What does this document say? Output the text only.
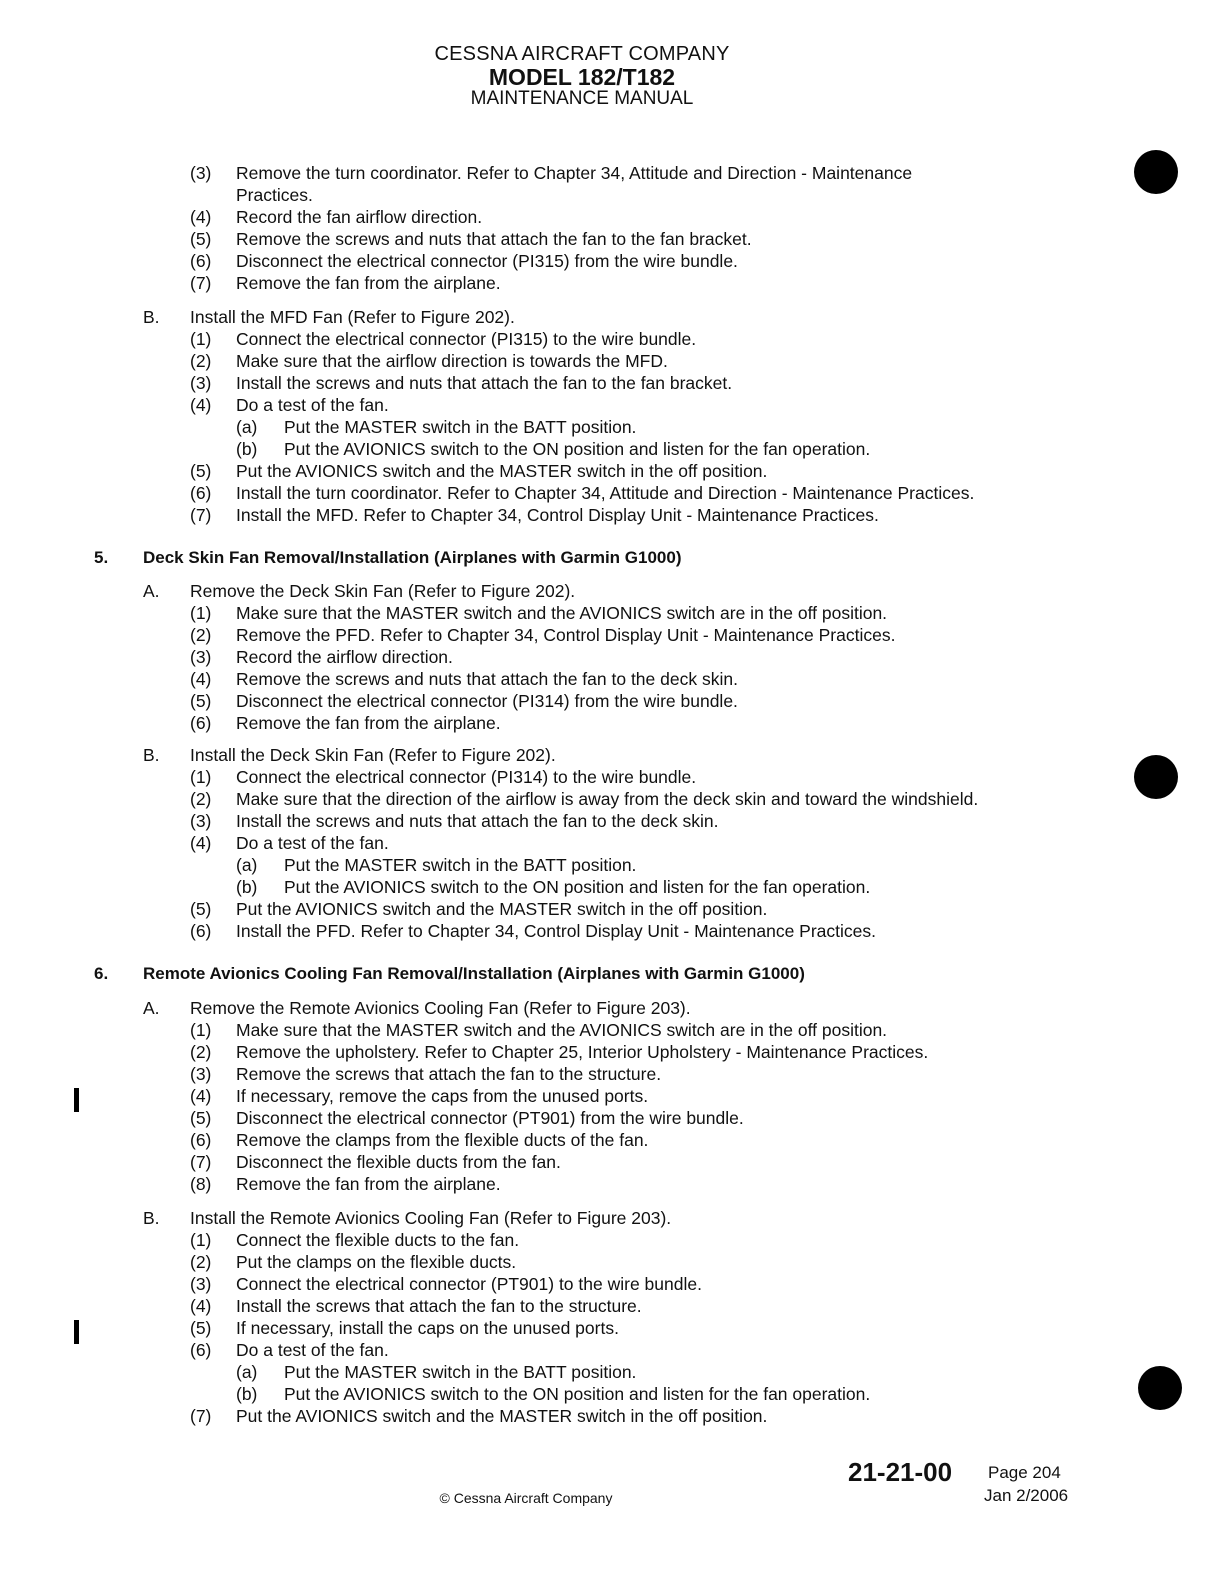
CESSNA AIRCRAFT COMPANY
MODEL 182/T182
MAINTENANCE MANUAL
(3) Remove the turn coordinator. Refer to Chapter 34, Attitude and Direction - Maintenance
Practices.
(4) Record the fan airflow direction.
(5) Remove the screws and nuts that attach the fan to the fan bracket.
(6) Disconnect the electrical connector (PI315) from the wire bundle.
(7) Remove the fan from the airplane.
B. Install the MFD Fan (Refer to Figure 202).
(1) Connect the electrical connector (PI315) to the wire bundle.
(2) Make sure that the airflow direction is towards the MFD.
(3) Install the screws and nuts that attach the fan to the fan bracket.
(4) Do a test of the fan.
(a) Put the MASTER switch in the BATT position.
(b) Put the AVIONICS switch to the ON position and listen for the fan operation.
(5) Put the AVIONICS switch and the MASTER switch in the off position.
(6) Install the turn coordinator. Refer to Chapter 34, Attitude and Direction - Maintenance Practices.
(7) Install the MFD. Refer to Chapter 34, Control Display Unit - Maintenance Practices.
5. Deck Skin Fan Removal/Installation (Airplanes with Garmin G1000)
A. Remove the Deck Skin Fan (Refer to Figure 202).
(1) Make sure that the MASTER switch and the AVIONICS switch are in the off position.
(2) Remove the PFD. Refer to Chapter 34, Control Display Unit - Maintenance Practices.
(3) Record the airflow direction.
(4) Remove the screws and nuts that attach the fan to the deck skin.
(5) Disconnect the electrical connector (PI314) from the wire bundle.
(6) Remove the fan from the airplane.
B. Install the Deck Skin Fan (Refer to Figure 202).
(1) Connect the electrical connector (PI314) to the wire bundle.
(2) Make sure that the direction of the airflow is away from the deck skin and toward the windshield.
(3) Install the screws and nuts that attach the fan to the deck skin.
(4) Do a test of the fan.
(a) Put the MASTER switch in the BATT position.
(b) Put the AVIONICS switch to the ON position and listen for the fan operation.
(5) Put the AVIONICS switch and the MASTER switch in the off position.
(6) Install the PFD. Refer to Chapter 34, Control Display Unit - Maintenance Practices.
6. Remote Avionics Cooling Fan Removal/Installation (Airplanes with Garmin G1000)
A. Remove the Remote Avionics Cooling Fan (Refer to Figure 203).
(1) Make sure that the MASTER switch and the AVIONICS switch are in the off position.
(2) Remove the upholstery. Refer to Chapter 25, Interior Upholstery - Maintenance Practices.
(3) Remove the screws that attach the fan to the structure.
(4) If necessary, remove the caps from the unused ports.
(5) Disconnect the electrical connector (PT901) from the wire bundle.
(6) Remove the clamps from the flexible ducts of the fan.
(7) Disconnect the flexible ducts from the fan.
(8) Remove the fan from the airplane.
B. Install the Remote Avionics Cooling Fan (Refer to Figure 203).
(1) Connect the flexible ducts to the fan.
(2) Put the clamps on the flexible ducts.
(3) Connect the electrical connector (PT901) to the wire bundle.
(4) Install the screws that attach the fan to the structure.
(5) If necessary, install the caps on the unused ports.
(6) Do a test of the fan.
(a) Put the MASTER switch in the BATT position.
(b) Put the AVIONICS switch to the ON position and listen for the fan operation.
(7) Put the AVIONICS switch and the MASTER switch in the off position.
21-21-00 Page 204
Jan 2/2006
© Cessna Aircraft Company
